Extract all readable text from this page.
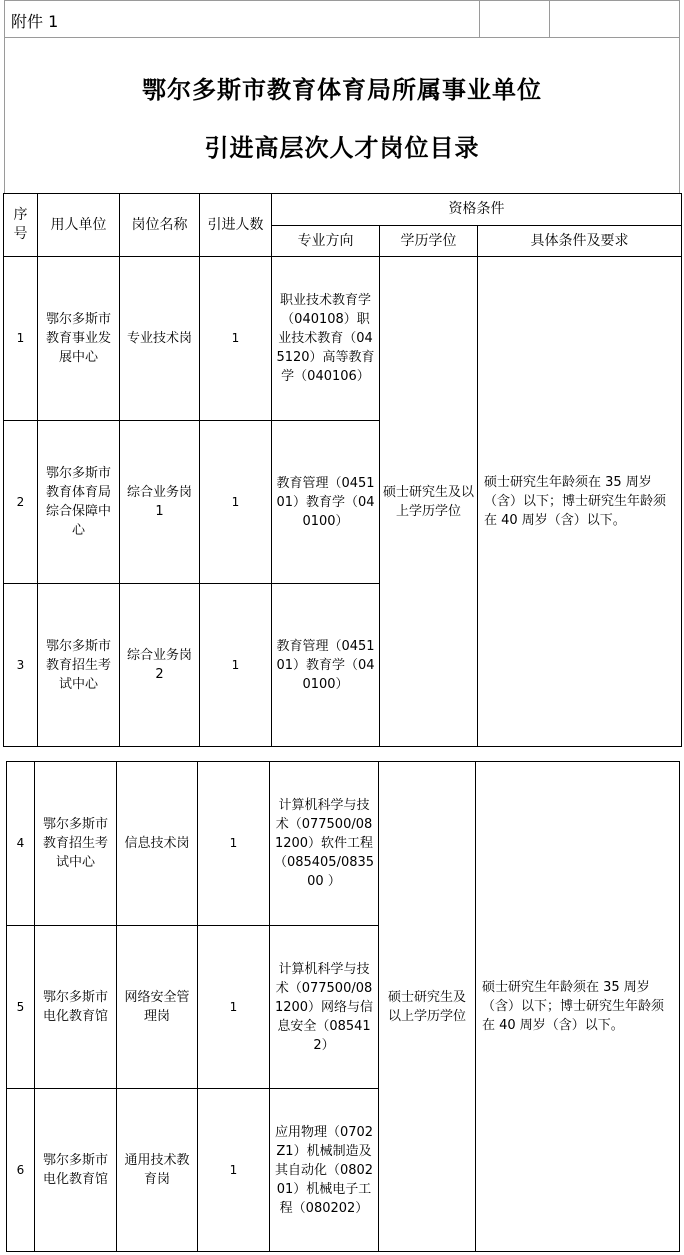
附件 1
鄂尔多斯市教育体育局所属事业单位
引进高层次人才岗位目录
序号	用人单位	岗位名称	引进人数	资格条件		
				专业方向	学历学位	具体条件及要求
1	鄂尔多斯市教育事业发展中心	专业技术岗	1	职业技术教育学（040108）职业技术教育（045120）高等教育学（040106）	硕士研究生及以上学历学位	硕士研究生年龄须在 35 周岁（含）以下；博士研究生年龄须在 40 周岁（含）以下。
2	鄂尔多斯市教育体育局综合保障中心	综合业务岗 1	1	教育管理（045101）教育学（040100）		
3	鄂尔多斯市教育招生考试中心	综合业务岗 2	1	教育管理（045101）教育学（040100）		
4	鄂尔多斯市教育招生考试中心	信息技术岗	1	计算机科学与技术（077500/081200）软件工程（085405/083500 ）	硕士研究生及以上学历学位	硕士研究生年龄须在 35 周岁（含）以下；博士研究生年龄须在 40 周岁（含）以下。
5	鄂尔多斯市电化教育馆	网络安全管理岗	1	计算机科学与技术（077500/081200）网络与信息安全（085412）		
6	鄂尔多斯市电化教育馆	通用技术教育岗	1	应用物理（0702Z1）机械制造及其自动化（080201）机械电子工程（080202）		
